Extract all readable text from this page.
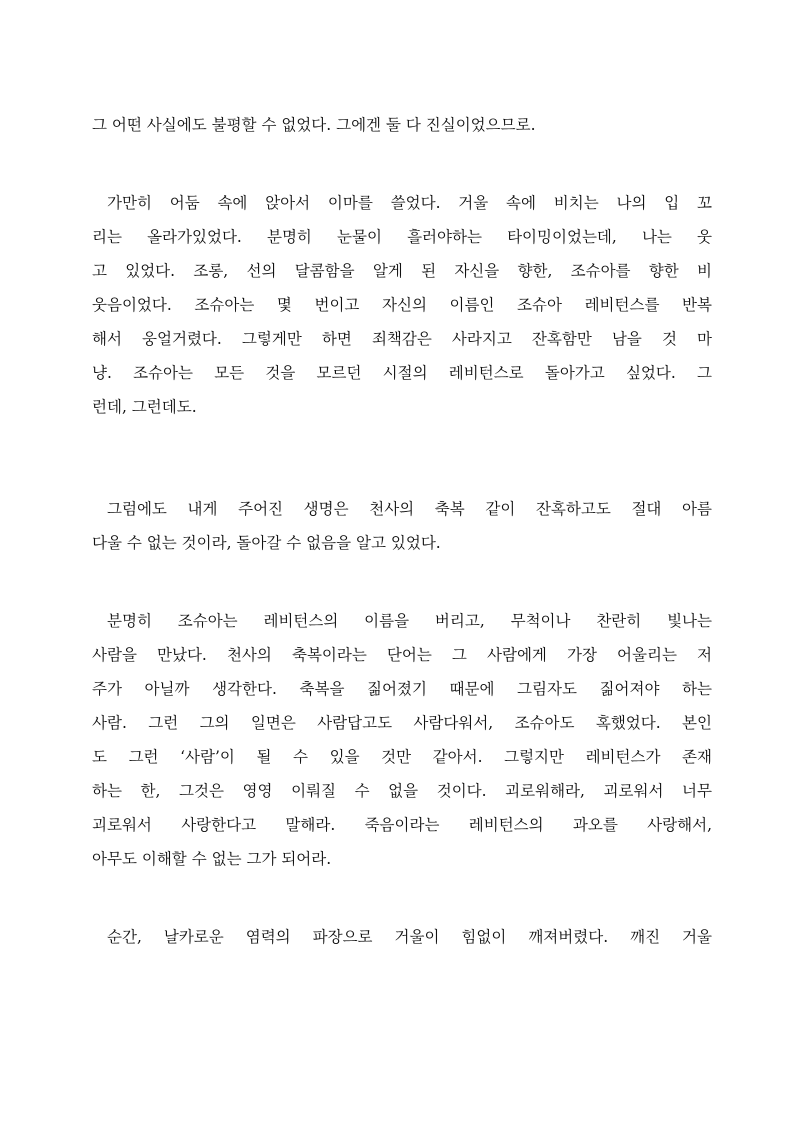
그 어떤 사실에도 불평할 수 없었다. 그에겐 둘 다 진실이었으므로.
가만히 어둠 속에 앉아서 이마를 쓸었다. 거울 속에 비치는 나의 입 꼬
리는 올라가있었다. 분명히 눈물이 흘러야하는 타이밍이었는데, 나는 웃
고 있었다. 조롱, 선의 달콤함을 알게 된 자신을 향한, 조슈아를 향한 비
웃음이었다. 조슈아는 몇 번이고 자신의 이름인 조슈아 레비턴스를 반복
해서 웅얼거렸다. 그렇게만 하면 죄책감은 사라지고 잔혹함만 남을 것 마
냥. 조슈아는 모든 것을 모르던 시절의 레비턴스로 돌아가고 싶었다. 그
런데, 그런데도.
그럼에도 내게 주어진 생명은 천사의 축복 같이 잔혹하고도 절대 아름
다울 수 없는 것이라, 돌아갈 수 없음을 알고 있었다.
분명히 조슈아는 레비턴스의 이름을 버리고, 무척이나 찬란히 빛나는
사람을 만났다. 천사의 축복이라는 단어는 그 사람에게 가장 어울리는 저
주가 아닐까 생각한다. 축복을 짊어졌기 때문에 그림자도 짊어져야 하는
사람. 그런 그의 일면은 사람답고도 사람다워서, 조슈아도 혹했었다. 본인
도 그런 ‘사람’이 될 수 있을 것만 같아서. 그렇지만 레비턴스가 존재
하는 한, 그것은 영영 이뤄질 수 없을 것이다. 괴로워해라, 괴로워서 너무
괴로워서 사랑한다고 말해라. 죽음이라는 레비턴스의 과오를 사랑해서,
아무도 이해할 수 없는 그가 되어라.
순간, 날카로운 염력의 파장으로 거울이 힘없이 깨져버렸다. 깨진 거울
